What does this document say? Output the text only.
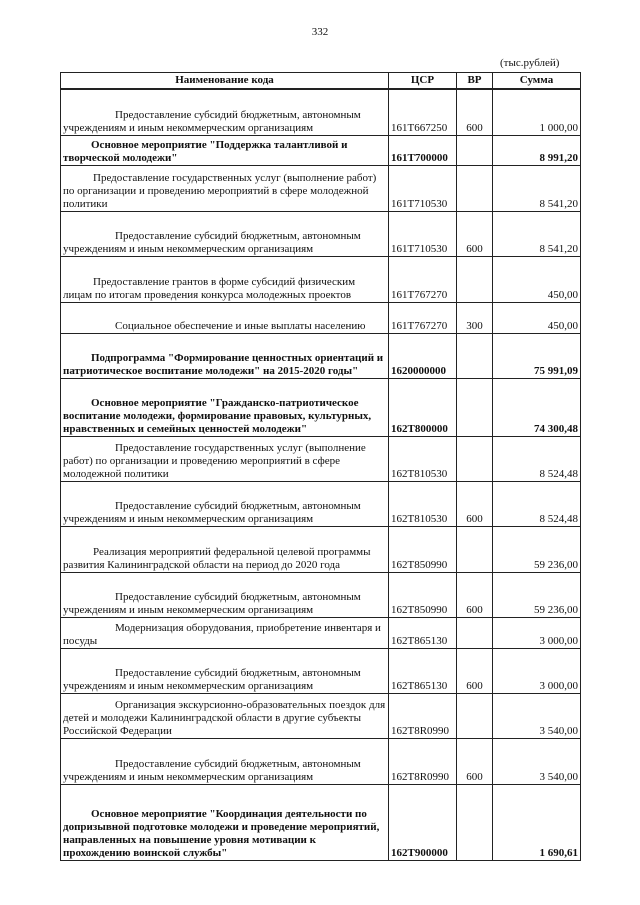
332
(тыс.рублей)
Наименование кода	ЦСР	ВР	Сумма
Предоставление субсидий бюджетным, автономным учреждениям и иным некоммерческим организациям	161Т667250	600	1 000,00
Основное мероприятие "Поддержка талантливой и творческой молодежи"	161Т700000		8 991,20
Предоставление государственных услуг (выполнение работ) по организации и проведению мероприятий в сфере молодежной политики	161Т710530		8 541,20
Предоставление субсидий бюджетным, автономным учреждениям и иным некоммерческим организациям	161Т710530	600	8 541,20
Предоставление грантов в форме субсидий физическим лицам по итогам проведения конкурса молодежных проектов	161Т767270		450,00
Социальное обеспечение и иные выплаты населению	161Т767270	300	450,00
Подпрограмма "Формирование ценностных ориентаций и патриотическое воспитание молодежи" на 2015-2020 годы"	1620000000		75 991,09
Основное мероприятие "Гражданско-патриотическое воспитание молодежи, формирование правовых, культурных, нравственных и семейных ценностей молодежи"	162Т800000		74 300,48
Предоставление государственных услуг (выполнение работ) по организации и проведению мероприятий в сфере молодежной политики	162Т810530		8 524,48
Предоставление субсидий бюджетным, автономным учреждениям и иным некоммерческим организациям	162Т810530	600	8 524,48
Реализация мероприятий федеральной целевой программы развития Калининградской области на период до 2020 года	162Т850990		59 236,00
Предоставление субсидий бюджетным, автономным учреждениям и иным некоммерческим организациям	162Т850990	600	59 236,00
Модернизация оборудования, приобретение инвентаря и посуды	162Т865130		3 000,00
Предоставление субсидий бюджетным, автономным учреждениям и иным некоммерческим организациям	162Т865130	600	3 000,00
Организация экскурсионно-образовательных поездок для детей и молодежи Калининградской области в другие субъекты Российской Федерации	162Т8R0990		3 540,00
Предоставление субсидий бюджетным, автономным учреждениям и иным некоммерческим организациям	162Т8R0990	600	3 540,00
Основное мероприятие "Координация деятельности по допризывной подготовке молодежи и проведение мероприятий, направленных на повышение уровня мотивации к прохождению воинской службы"	162Т900000		1 690,61
